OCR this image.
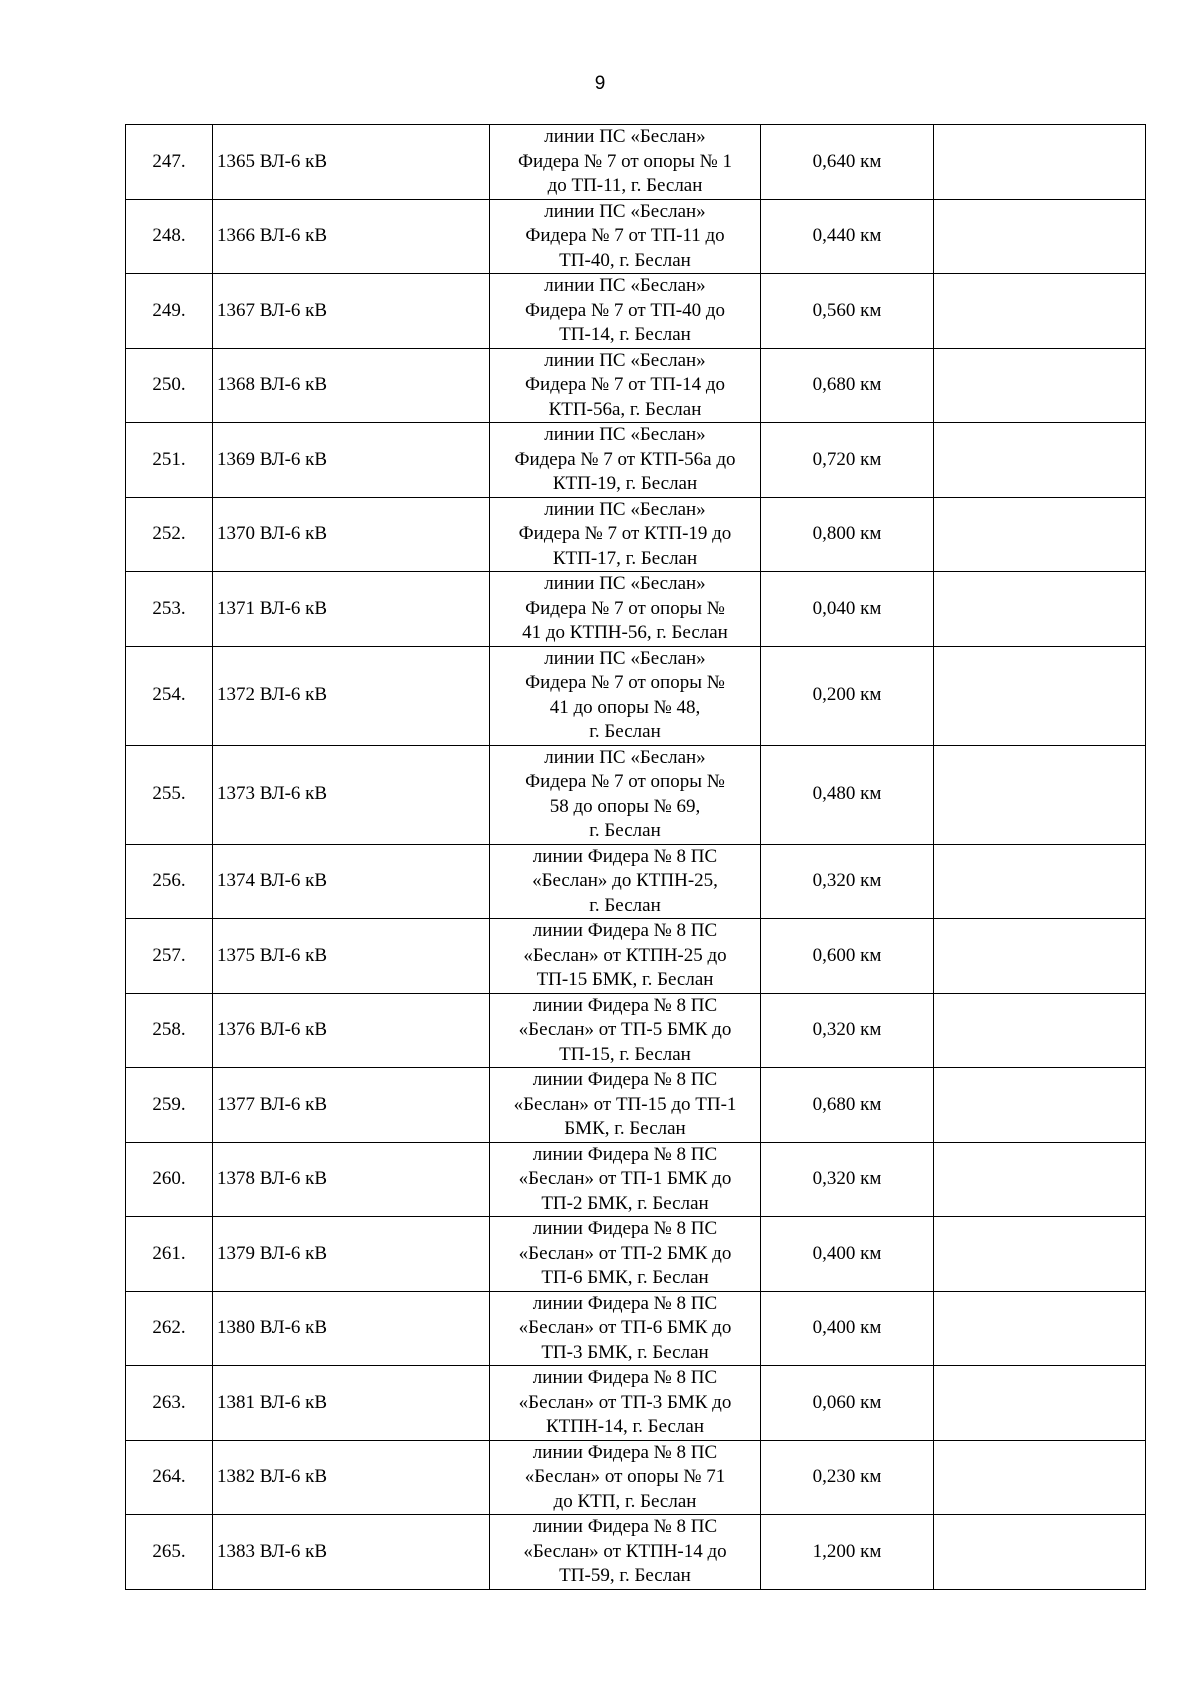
9
247.	1365 ВЛ-6 кВ	линии ПС «Беслан»
Фидера № 7 от опоры № 1
до ТП-11, г. Беслан	0,640 км	
248.	1366 ВЛ-6 кВ	линии ПС «Беслан»
Фидера № 7 от ТП-11 до
ТП-40, г. Беслан	0,440 км	
249.	1367 ВЛ-6 кВ	линии ПС «Беслан»
Фидера № 7 от ТП-40 до
ТП-14, г. Беслан	0,560 км	
250.	1368 ВЛ-6 кВ	линии ПС «Беслан»
Фидера № 7 от ТП-14 до
КТП-56а, г. Беслан	0,680 км	
251.	1369 ВЛ-6 кВ	линии ПС «Беслан»
Фидера № 7 от КТП-56а до
КТП-19, г. Беслан	0,720 км	
252.	1370 ВЛ-6 кВ	линии ПС «Беслан»
Фидера № 7 от КТП-19 до
КТП-17, г. Беслан	0,800 км	
253.	1371 ВЛ-6 кВ	линии ПС «Беслан»
Фидера № 7 от опоры №
41 до КТПН-56, г. Беслан	0,040 км	
254.	1372 ВЛ-6 кВ	линии ПС «Беслан»
Фидера № 7 от опоры №
41 до опоры № 48,
г. Беслан	0,200 км	
255.	1373 ВЛ-6 кВ	линии ПС «Беслан»
Фидера № 7 от опоры №
58 до опоры № 69,
г. Беслан	0,480 км	
256.	1374 ВЛ-6 кВ	линии Фидера № 8 ПС
«Беслан» до КТПН-25,
г. Беслан	0,320 км	
257.	1375 ВЛ-6 кВ	линии Фидера № 8 ПС
«Беслан» от КТПН-25 до
ТП-15 БМК, г. Беслан	0,600 км	
258.	1376 ВЛ-6 кВ	линии Фидера № 8 ПС
«Беслан» от ТП-5 БМК до
ТП-15, г. Беслан	0,320 км	
259.	1377 ВЛ-6 кВ	линии Фидера № 8 ПС
«Беслан» от ТП-15 до ТП-1
БМК, г. Беслан	0,680 км	
260.	1378 ВЛ-6 кВ	линии Фидера № 8 ПС
«Беслан» от ТП-1 БМК до
ТП-2 БМК, г. Беслан	0,320 км	
261.	1379 ВЛ-6 кВ	линии Фидера № 8 ПС
«Беслан» от ТП-2 БМК до
ТП-6 БМК, г. Беслан	0,400 км	
262.	1380 ВЛ-6 кВ	линии Фидера № 8 ПС
«Беслан» от ТП-6 БМК до
ТП-3 БМК, г. Беслан	0,400 км	
263.	1381 ВЛ-6 кВ	линии Фидера № 8 ПС
«Беслан» от ТП-3 БМК до
КТПН-14, г. Беслан	0,060 км	
264.	1382 ВЛ-6 кВ	линии Фидера № 8 ПС
«Беслан» от опоры № 71
до КТП, г. Беслан	0,230 км	
265.	1383 ВЛ-6 кВ	линии Фидера № 8 ПС
«Беслан» от КТПН-14 до
ТП-59, г. Беслан	1,200 км	
